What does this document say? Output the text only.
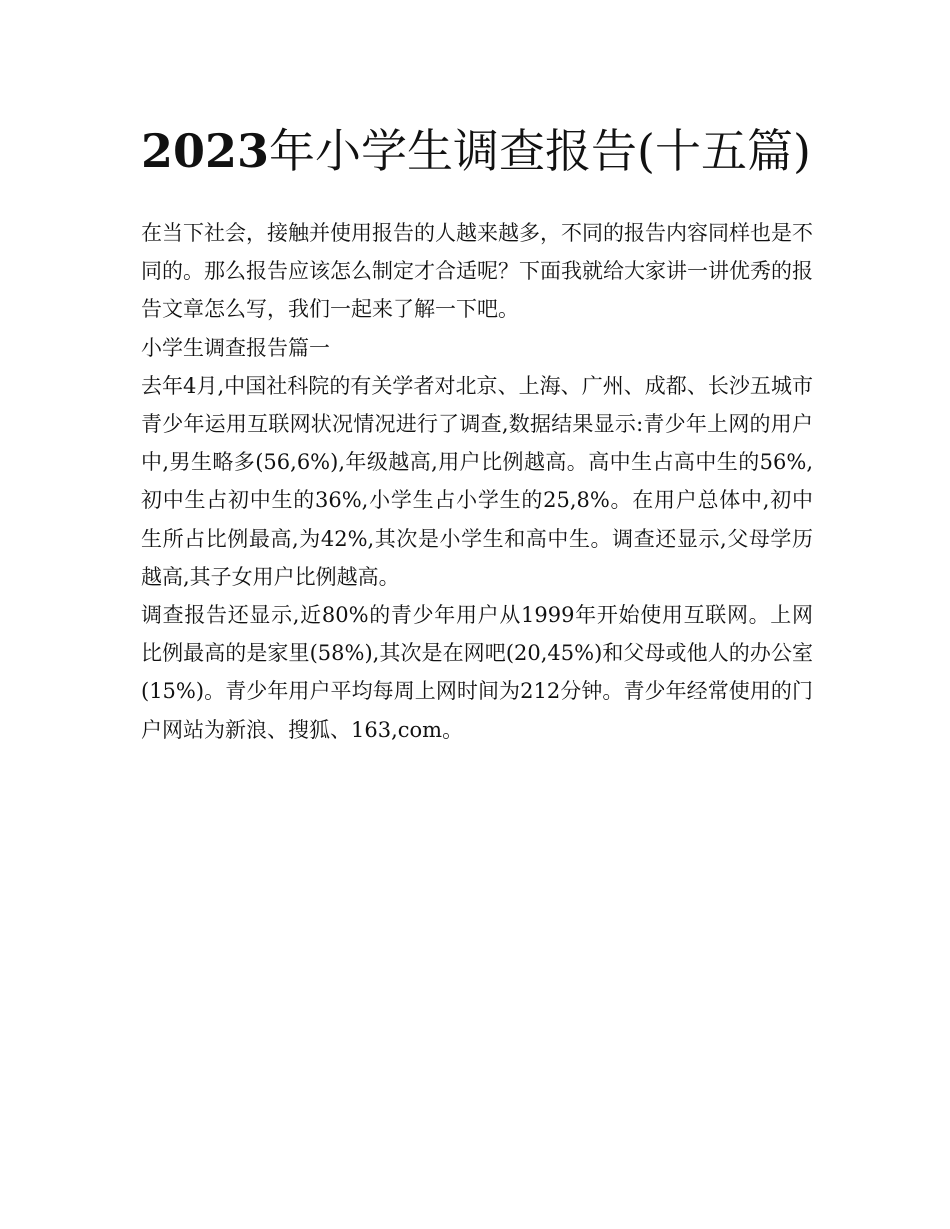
2023年小学生调查报告(十五篇)

在当下社会，接触并使用报告的人越来越多，不同的报告内容同样也是不同的。那么报告应该怎么制定才合适呢？下面我就给大家讲一讲优秀的报告文章怎么写，我们一起来了解一下吧。

小学生调查报告篇一

去年4月,中国社科院的有关学者对北京、上海、广州、成都、长沙五城市青少年运用互联网状况情况进行了调查,数据结果显示:青少年上网的用户中,男生略多(56,6%),年级越高,用户比例越高。高中生占高中生的56%,初中生占初中生的36%,小学生占小学生的25,8%。在用户总体中,初中生所占比例最高,为42%,其次是小学生和高中生。调查还显示,父母学历越高,其子女用户比例越高。

调查报告还显示,近80%的青少年用户从1999年开始使用互联网。上网比例最高的是家里(58%),其次是在网吧(20,45%)和父母或他人的办公室(15%)。青少年用户平均每周上网时间为212分钟。青少年经常使用的门户网站为新浪、搜狐、163,com。
